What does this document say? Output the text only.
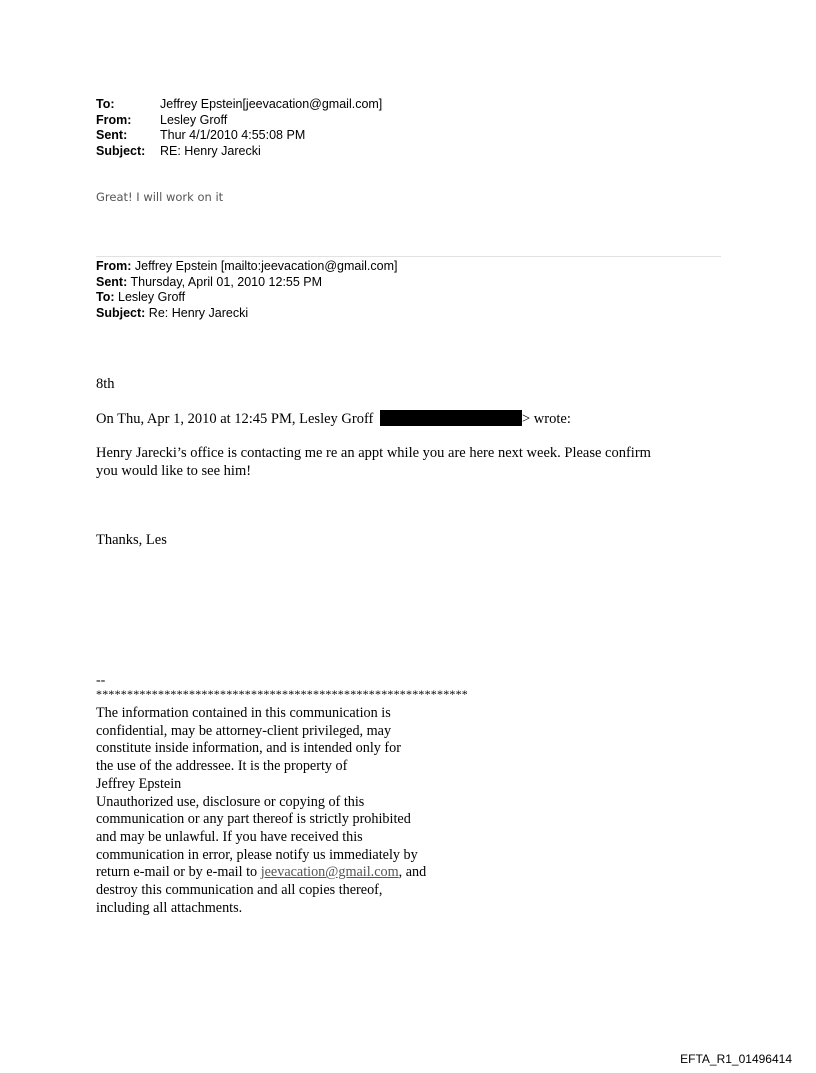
To:	Jeffrey Epstein[jeevacation@gmail.com]
From:	Lesley Groff
Sent:	Thur 4/1/2010 4:55:08 PM
Subject:	RE: Henry Jarecki
Great! I will work on it
From: Jeffrey Epstein [mailto:jeevacation@gmail.com]
Sent: Thursday, April 01, 2010 12:55 PM
To: Lesley Groff
Subject: Re: Henry Jarecki
8th
On Thu, Apr 1, 2010 at 12:45 PM, Lesley Groff	> wrote:
Henry Jarecki’s office is contacting me re an appt while you are here next week. Please confirm
you would like to see him!
Thanks, Les
--
************************************************************
The information contained in this communication is
confidential, may be attorney-client privileged, may
constitute inside information, and is intended only for
the use of the addressee. It is the property of
Jeffrey Epstein
Unauthorized use, disclosure or copying of this
communication or any part thereof is strictly prohibited
and may be unlawful. If you have received this
communication in error, please notify us immediately by
return e-mail or by e-mail to jeevacation@gmail.com, and
destroy this communication and all copies thereof,
including all attachments.
EFTA_R1_01496414
